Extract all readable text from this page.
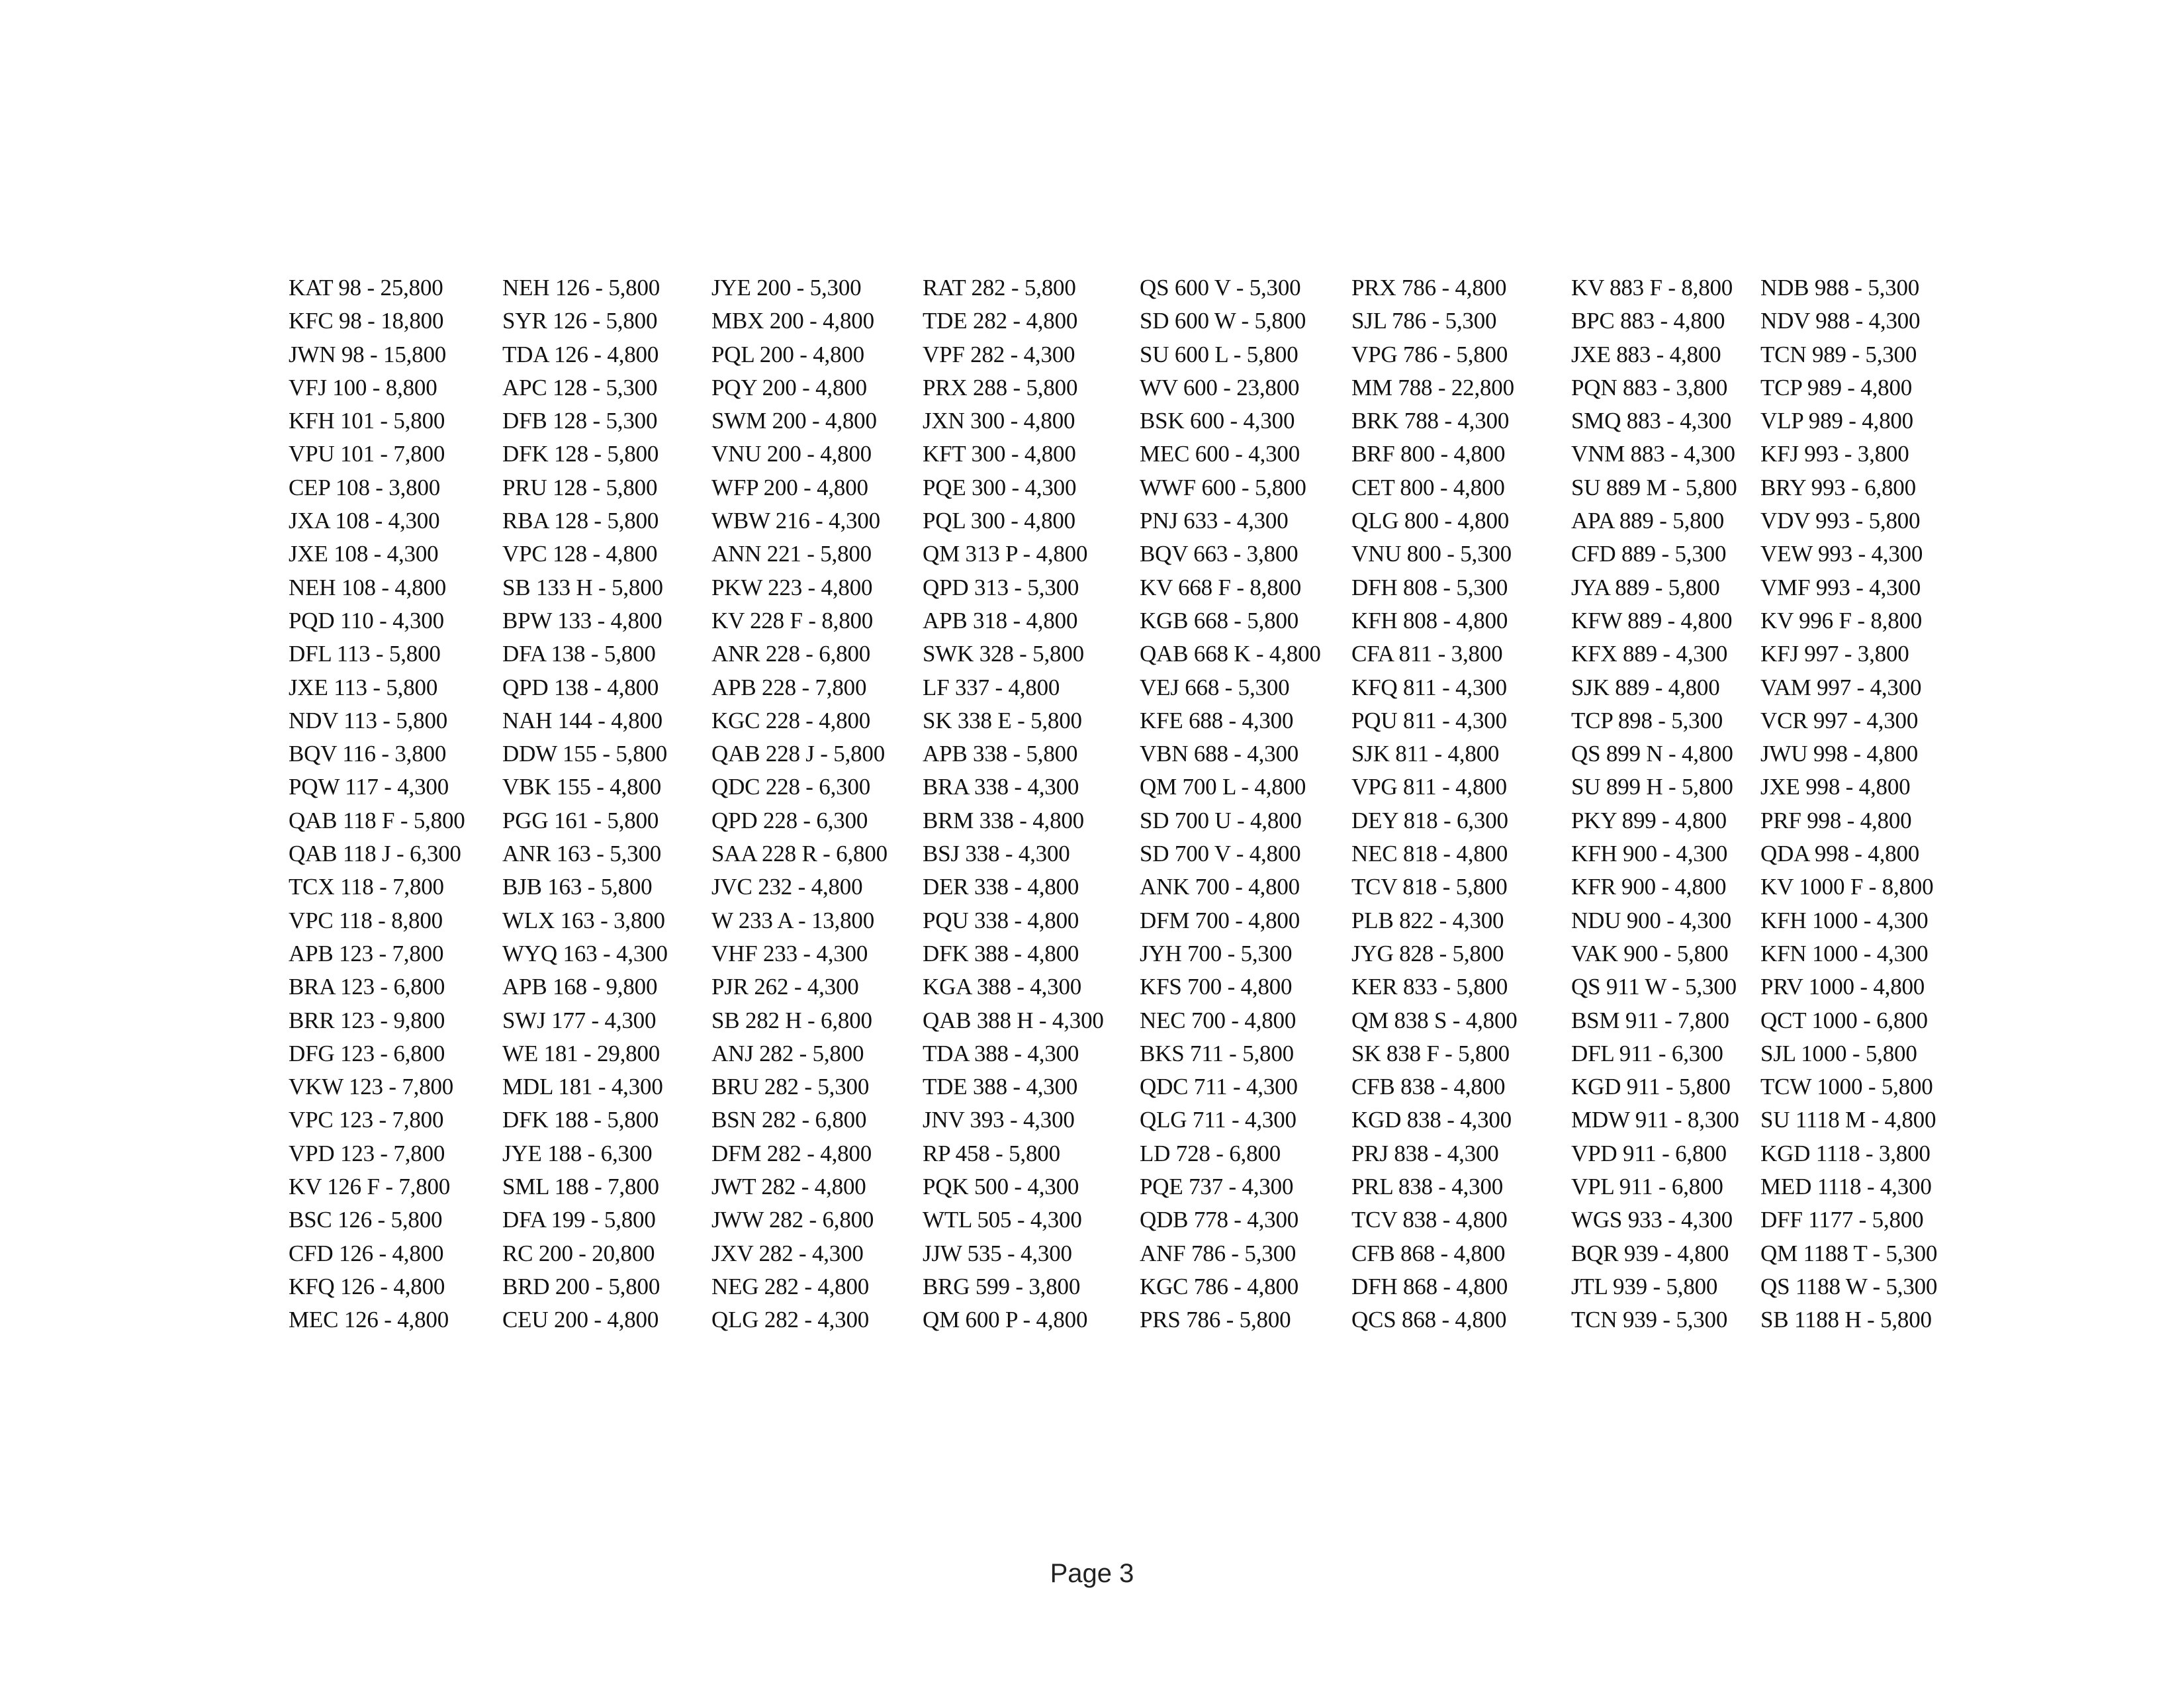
KAT 98 - 25,800
KFC 98 - 18,800
JWN 98 - 15,800
VFJ 100 - 8,800
KFH 101 - 5,800
VPU 101 - 7,800
CEP 108 - 3,800
JXA 108 - 4,300
JXE 108 - 4,300
NEH 108 - 4,800
PQD 110 - 4,300
DFL 113 - 5,800
JXE 113 - 5,800
NDV 113 - 5,800
BQV 116 - 3,800
PQW 117 - 4,300
QAB 118 F - 5,800
QAB 118 J - 6,300
TCX 118 - 7,800
VPC 118 - 8,800
APB 123 - 7,800
BRA 123 - 6,800
BRR 123 - 9,800
DFG 123 - 6,800
VKW 123 - 7,800
VPC 123 - 7,800
VPD 123 - 7,800
KV 126 F - 7,800
BSC 126 - 5,800
CFD 126 - 4,800
KFQ 126 - 4,800
MEC 126 - 4,800
NEH 126 - 5,800
SYR 126 - 5,800
TDA 126 - 4,800
APC 128 - 5,300
DFB 128 - 5,300
DFK 128 - 5,800
PRU 128 - 5,800
RBA 128 - 5,800
VPC 128 - 4,800
SB 133 H - 5,800
BPW 133 - 4,800
DFA 138 - 5,800
QPD 138 - 4,800
NAH 144 - 4,800
DDW 155 - 5,800
VBK 155 - 4,800
PGG 161 - 5,800
ANR 163 - 5,300
BJB 163 - 5,800
WLX 163 - 3,800
WYQ 163 - 4,300
APB 168 - 9,800
SWJ 177 - 4,300
WE 181 - 29,800
MDL 181 - 4,300
DFK 188 - 5,800
JYE 188 - 6,300
SML 188 - 7,800
DFA 199 - 5,800
RC 200 - 20,800
BRD 200 - 5,800
CEU 200 - 4,800
JYE 200 - 5,300
MBX 200 - 4,800
PQL 200 - 4,800
PQY 200 - 4,800
SWM 200 - 4,800
VNU 200 - 4,800
WFP 200 - 4,800
WBW 216 - 4,300
ANN 221 - 5,800
PKW 223 - 4,800
KV 228 F - 8,800
ANR 228 - 6,800
APB 228 - 7,800
KGC 228 - 4,800
QAB 228 J - 5,800
QDC 228 - 6,300
QPD 228 - 6,300
SAA 228 R - 6,800
JVC 232 - 4,800
W 233 A - 13,800
VHF 233 - 4,300
PJR 262 - 4,300
SB 282 H - 6,800
ANJ 282 - 5,800
BRU 282 - 5,300
BSN 282 - 6,800
DFM 282 - 4,800
JWT 282 - 4,800
JWW 282 - 6,800
JXV 282 - 4,300
NEG 282 - 4,800
QLG 282 - 4,300
RAT 282 - 5,800
TDE 282 - 4,800
VPF 282 - 4,300
PRX 288 - 5,800
JXN 300 - 4,800
KFT 300 - 4,800
PQE 300 - 4,300
PQL 300 - 4,800
QM 313 P - 4,800
QPD 313 - 5,300
APB 318 - 4,800
SWK 328 - 5,800
LF 337 - 4,800
SK 338 E - 5,800
APB 338 - 5,800
BRA 338 - 4,300
BRM 338 - 4,800
BSJ 338 - 4,300
DER 338 - 4,800
PQU 338 - 4,800
DFK 388 - 4,800
KGA 388 - 4,300
QAB 388 H - 4,300
TDA 388 - 4,300
TDE 388 - 4,300
JNV 393 - 4,300
RP 458 - 5,800
PQK 500 - 4,300
WTL 505 - 4,300
JJW 535 - 4,300
BRG 599 - 3,800
QM 600 P - 4,800
QS 600 V - 5,300
SD 600 W - 5,800
SU 600 L - 5,800
WV 600 - 23,800
BSK 600 - 4,300
MEC 600 - 4,300
WWF 600 - 5,800
PNJ 633 - 4,300
BQV 663 - 3,800
KV 668 F - 8,800
KGB 668 - 5,800
QAB 668 K - 4,800
VEJ 668 - 5,300
KFE 688 - 4,300
VBN 688 - 4,300
QM 700 L - 4,800
SD 700 U - 4,800
SD 700 V - 4,800
ANK 700 - 4,800
DFM 700 - 4,800
JYH 700 - 5,300
KFS 700 - 4,800
NEC 700 - 4,800
BKS 711 - 5,800
QDC 711 - 4,300
QLG 711 - 4,300
LD 728 - 6,800
PQE 737 - 4,300
QDB 778 - 4,300
ANF 786 - 5,300
KGC 786 - 4,800
PRS 786 - 5,800
PRX 786 - 4,800
SJL 786 - 5,300
VPG 786 - 5,800
MM 788 - 22,800
BRK 788 - 4,300
BRF 800 - 4,800
CET 800 - 4,800
QLG 800 - 4,800
VNU 800 - 5,300
DFH 808 - 5,300
KFH 808 - 4,800
CFA 811 - 3,800
KFQ 811 - 4,300
PQU 811 - 4,300
SJK 811 - 4,800
VPG 811 - 4,800
DEY 818 - 6,300
NEC 818 - 4,800
TCV 818 - 5,800
PLB 822 - 4,300
JYG 828 - 5,800
KER 833 - 5,800
QM 838 S - 4,800
SK 838 F - 5,800
CFB 838 - 4,800
KGD 838 - 4,300
PRJ 838 - 4,300
PRL 838 - 4,300
TCV 838 - 4,800
CFB 868 - 4,800
DFH 868 - 4,800
QCS 868 - 4,800
KV 883 F - 8,800
BPC 883 - 4,800
JXE 883 - 4,800
PQN 883 - 3,800
SMQ 883 - 4,300
VNM 883 - 4,300
SU 889 M - 5,800
APA 889 - 5,800
CFD 889 - 5,300
JYA 889 - 5,800
KFW 889 - 4,800
KFX 889 - 4,300
SJK 889 - 4,800
TCP 898 - 5,300
QS 899 N - 4,800
SU 899 H - 5,800
PKY 899 - 4,800
KFH 900 - 4,300
KFR 900 - 4,800
NDU 900 - 4,300
VAK 900 - 5,800
QS 911 W - 5,300
BSM 911 - 7,800
DFL 911 - 6,300
KGD 911 - 5,800
MDW 911 - 8,300
VPD 911 - 6,800
VPL 911 - 6,800
WGS 933 - 4,300
BQR 939 - 4,800
JTL 939 - 5,800
TCN 939 - 5,300
NDB 988 - 5,300
NDV 988 - 4,300
TCN 989 - 5,300
TCP 989 - 4,800
VLP 989 - 4,800
KFJ 993 - 3,800
BRY 993 - 6,800
VDV 993 - 5,800
VEW 993 - 4,300
VMF 993 - 4,300
KV 996 F - 8,800
KFJ 997 - 3,800
VAM 997 - 4,300
VCR 997 - 4,300
JWU 998 - 4,800
JXE 998 - 4,800
PRF 998 - 4,800
QDA 998 - 4,800
KV 1000 F - 8,800
KFH 1000 - 4,300
KFN 1000 - 4,300
PRV 1000 - 4,800
QCT 1000 - 6,800
SJL 1000 - 5,800
TCW 1000 - 5,800
SU 1118 M - 4,800
KGD 1118 - 3,800
MED 1118 - 4,300
DFF 1177 - 5,800
QM 1188 T - 5,300
QS 1188 W - 5,300
SB 1188 H - 5,800
Page 3
